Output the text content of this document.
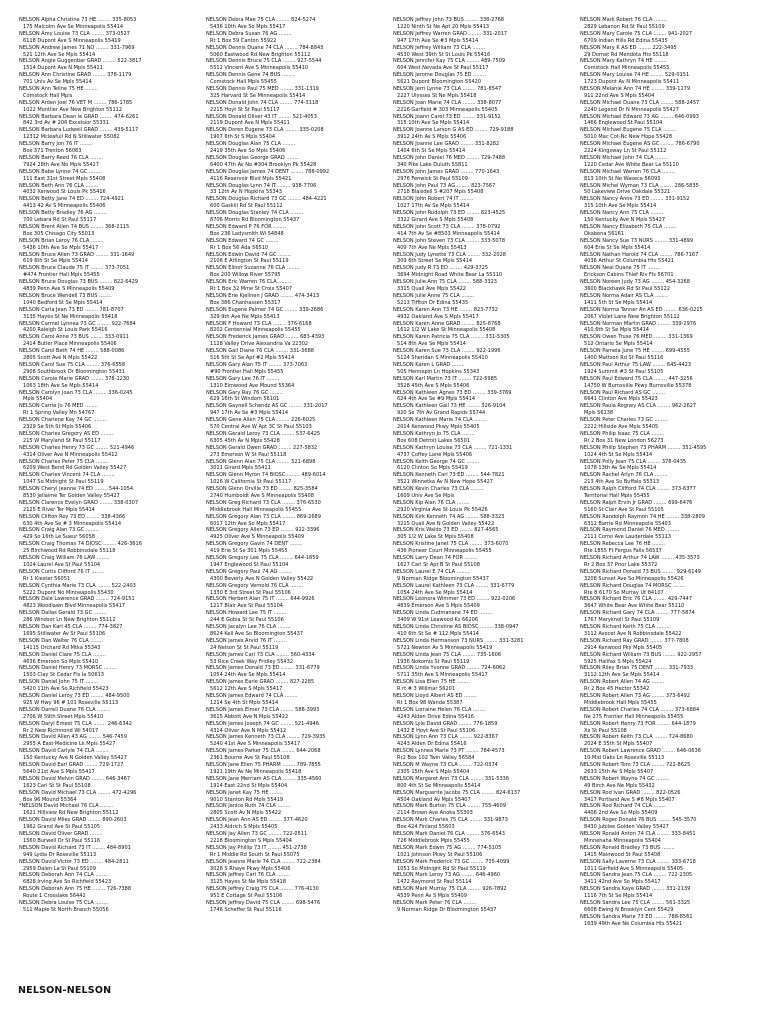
NELSON Alpha Christine 73 HE ........ 335-8053
175 Malcolm Ave Se Minneapolis 55414
NELSON Amy Louise 73 CLA ........ 373-0527
6118 Dupont Ave S Minneapolis 55419
NELSON Andrew James 71 NO ........ 331-7969
521 12th Ave Se Mpls 55414
NELSON Angie Guggenbar GRAD ........ 522-3817
1514 Dupont Ave N Mpls 55411
NELSON Ann Christine GRAD ........ 378-1179
701 Univ Av Se Mpls 55414
NELSON Ann Teline 75 HE ........
Comstock Hall Mpls
NELSON Arden Joel 76 VET M ........ 786-1785
1022 Montlier Ave New Brighton 55112
NELSON Barbara Dean le GRAD ........ 474-6261
842 3rd Av # 206 Excelsior 55331
NELSON Barbara Ludwell GRAD ........ 439-5117
12312 Mcleafull Rd N Stillwater 55082
NELSON Barry Jon 76 IT ........
Box 371 Trenton 56083
NELSON Barry Reed 76 CLA ........
7924 28th Ave No Mpls 55427
NELSON Babe Lynne 74 GC ........
111 East 31st Street Mpls 55408
NELSON Beth Ann 76 CLA ........
4032 Xerwood St Louis Pk 55416
NELSON Betty Jane 74 ED ........ 724-4921
4413 42 Av S Minneapolis 55406
NELSON Betty Bradley 76 AG ........
700 Lebara Rd St Paul 55117
NELSON Brent Allen 74 BUS ........ 368-2115
Box 305 Chisago City 55013
NELSON Brian Leroy 76 CLA ........
5436 10th Ave So Mpls 55417
NELSON Bruce Allen 73 GRAD ........ 331-1649
619 6th St Se Mpls 55414
NELSON Bruce Claude 75 IT ........ 373-7051
#474 Frontier Hall Mpls 55455
NELSON Bruce Douglas 73 BUS ........ 822-6429
4839 Penn Ave S Minneapolis 55409
NELSON Bruce Wendell 73 BUS ........
1040 Bedford St Se Mpls 55414
NELSON Carla Jean 73 ED ........ 781-8707
3135 Hayes St Ne Minneapolis 55418
NELSON Carmel Lynnea 73 GC ........ 922-7684
4200 Raleigh St Louis Park 55416
NELSON Carol Anne 73 BUS ........ 333-0911
2414 Butler Place Minneapolis 55406
NELSON Carol Beth 74 HE ........ 588-0086
2805 Scott Ave N Mpls 55422
NELSON Carol Sue 75 CLA ........ 376-6558
2908 Southbrook Dr Bloomington 55431
NELSON Carole Marie GRAD ........ 378-1230
1063 18th Ave Se Mpls 55414
NELSON Carolyn Joan 73 CLA ........ 336-0245
Mpls 55404
NELSON Carrie Jo 76 MED ........
Rt 1 Spring Valley Mn 54767
NELSON Charlene Kay 74 GC ........
2329 Se 5th St Mpls 55406
NELSON Charles Gregory AS ED ........
215 W Maryland St Paul 55117
NELSON Charles Henry 73 GC ........ 521-4946
4314 Oliver Ave N Minneapolis 55412
NELSON Charles Peter 75 CLA ........
6209 West Bend Rd Golden Valley 55427
NELSON Charles Vincent 74 CLA ........
1047 So Midnight St Paul 55119
NELSON Cheryl Jeanne 74 ED ........ 544-1054
8530 Jellaime Ter Golden Valley 55427
NELSON Clarence Evelyn GRAD ........ 338-0307
2125 E River Ter Mpls 55414
NELSON Clifton Roy 73 ED ........ 338-4366
630 4th Ave Se # 3 Minneapolis 55414
NELSON Craig Alan 73 GC ........
429 So 16th Le Sueur 56058
NELSON Craig Thomas 74 DIOSC ........ 426-3616
25 Birchwood Rd Robbinsdale 55118
NELSON Craig William 76 LAW ........
1024 Laurel Ave St Paul 55104
NELSON Curtis Clifford 76 IT ........
Rr 1 Kiester 56051
NELSON Cynthia Marie 73 CLA ........ 522-2403
5222 Dupont No Minneapolis 55430
NELSON Dale Lawrence GRAD ........ 724-9151
4823 Woodlawn Blvd Minneapolis 55417
NELSON Dallas Gerald 73 GC ........
286 Windsor Ln New Brighton 55112
NELSON Dan Karl 45 CLA ........ 774-3827
1695 Stillwater Av St Paul 55106
NELSON Dan Walter 76 CLA ........
14115 Orchard Rd Mtka 55343
NELSON Daniel Clare 75 CLA ........
4636 Emerson So Mpls 55410
NELSON Daniel Henry 73 MORSC ........
1503 Clay St Cedar Fls Ia 50613
NELSON Daniel John 75 IT ........
5420 11th Ave So Richfield 55423
NELSON Daniel Leroy 73 ED ........ 484-9500
925 W Hwy 96 # 101 Roseville 55113
NELSON Darrell Duane 76 CLA ........
2706 W 59th Street Mpls 55410
NELSON Daryl Ernest 75 CLA ........ 246-6342
Rr 2 New Richmond Wi 54017
NELSON David Allen 43 AG ........ 546-7459
2955 A East Medicine Lk Mpls 55427
NELSON David Carlyle 74 CLA ........
150 Kentucky Ave N Golden Valley 55427
NELSON David Earl GRAD ........ 729-1727
5640 21st Ave S Mpls 55417
NELSON David Melvin GRAD ........ 646-3467
1623 Carl St St Paul 55108
NELSON David Michael 73 CLA ........ 472-4296
Box 96 Mound 55364
*NELSON David Michael 76 CLA ........
1621 Hillview Rd New Brighton 55112
NELSON David Miles GRAD ........ 890-2603
1962 Grand Ave St Paul 55105
NELSON David Oliver GRAD ........
1560 Burwell Dr St Paul 55116
NELSON David Richard 73 IT ........ 484-8901
949 Lydia Dr Roseville 55113
NELSON David Victor 73 ED ........ 484-2811
2959 Dalen La St Paul 55109
NELSON Deborah Ann 74 CLA ........
6828 Irving Ave So Richfield 55423
NELSON Deborah Ann 75 HE ........ 726-7388
Route 1 Crosslake 56442
NELSON Debra Louise 75 CLA ........
511 Maple St North Branch 55056
NELSON Debra Mae 75 CLA ........ 824-5274
5436 10th Ave So Mpls 55417
NELSON Debra Susan 76 AG ........
Rt 1 Box 59 Canton 55922
NELSON Dennis Duane 74 CLA ........ 784-8843
5060 Eastwood Rd New Brighton 55112
NELSON Dennis Bruce 75 CLA ........ 927-5544
5512 Vincent Ave S Minneapolis 55410
NELSON Dennis Gene 74 BUS ........
Comstock Hall Mpls 55455
NELSON Dennis Paul 75 MED ........ 331-1319
325 Harvard St Se Minneapolis 55414
NELSON Donald John 74 CLA ........ 774-3118
2215 Hoyt St St Paul 55117
NELSON Donald Oliver 43 IT ........ 521-4053
2119 Dupont Ave N Mpls 55411
NELSON Doren Eugene 73 CLA ........ 335-0208
1907 6th St S Mpls 55404
NELSON Douglas Alan 75 CLA ........
2419 35th Ave So Mpls 55406
NELSON Douglas George GRAD ........
6400 47th Av No #304 Brooklyn Pk 55428
NELSON Douglas James 74 DENT ........ 788-0992
4116 Reservoir Blvd Mpls 55421
NELSON Douglas Lynn 74 IT ........ 938-7706
33 12th Av N Hopkins 55343
NELSON Douglas Richard 73 GC ........ 484-4221
600 Gaskill Rd St Paul 55112
NELSON Douglas Stanley 74 CLA ........
8706 Morris Rd Bloomington 55437
NELSON Edward P 76 FOR ........
Box 236 Ladysmith Wi 54848
NELSON Edward 74 GC ........
Rr 1 Box 56 Ada 56510
NELSON Edwin David 74 GC ........
2106 E Arlington St Paul 55119
NELSON Elinor Suzanne 76 CLA ........
Box 200 Willow River 55795
NELSON Eric Warren 76 CLA ........
Rt 1 Box 32 Mme St Croix 55407
NELSON Erie Kjellnen J GRAD ........ 474-3413
Box 386 Chanhassen 55317
NELSON Eugene Palmer 74 GC ........ 339-2686
329 9th Ave Ne Mpls 55413
NELSON F Howard 73 CLA ........ 376-6168
8202 Centennial Minneapolis 55455
NELSON Frederick James GRAD ........ 683-4393
1128 Valley Drive Alexandria Va 22302
NELSON Gail Diane 76 CLA ........ 331-3688
516 5th St Se Apt #2 Mpls 55414
NELSON Gary Alan 75 IT ........ 373-7063
#90 Frontier Hall Mpls 55455
NELSON Gary Lee 76 IT ........
1310 Elmwood Ave Mound 55364
NELSON Gary Ray 76 GC ........
629 16th St Windom 56101
NELSON Gaynell Schendz AS GC ........ 331-2017
947 17th Av Se #3 Mpls 55414
NELSON Gene Allen 75 CLA ........ 226-6025
570 Central Ave W Apt 3C St Paul 55103
NELSON Gerald Leroy 73 CLA ........ 537-6425
6305 45th Av N Mpls 55428
NELSON Gerald Owen GRAD ........ 227-5832
273 Emerson W St Paul 55118
NELSON Glenn Alan 75 CLA ........ 521-6898
3011 Girard Mpls 55411
NELSON Glenn Myron 74 BIOSC ........ 489-6014
1026 W California St Paul 55117
NELSON Glenn Orville 73 ED ........ 825-3584
2740 Humboldt Ave S Minneapolis 55408
NELSON Greg Richard 73 CLA ........ 376-6530
Middlebrook Hall Minneapolis 55455
NELSON Gregory Alan 73 CLA ........ 869-2689
6017 12th Ave So Mpls 55417
NELSON Gregory Allen 73 ED ........ 922-3396
4925 Oliver Ave S Minneapolis 55409
NELSON Gregory Gavin 74 DENT ........
419 Erie St Se 301 Mpls 55455
NELSON Gregory Lee 75 CLA ........ 644-1659
1947 Englewood St Paul 55104
NELSON Gregory Paul 74 AG ........
4300 Beverly Ave N Golden Valley 55422
NELSON Gregory Vernold 76 CLA ........
1330 E 3rd Street St Paul 55106
NELSON Herbert Alan 75 IT ........ 644-9926
1217 Blair Ave St Paul 55104
NELSON Howard Lee 75 IT ........
244 E Gobia St St Paul 55106
NELSON Jacalyn Lee 76 CLA ........
8624 Kell Ave So Bloomington 55437
NELSON James Arvid 76 IT ........
24 Nelson St St Paul 55119
NELSON James Carl 73 CLA ........ 560-4334
53 Rice Creek Way Fridley 55432
NELSON James Donald 73 ED ........ 331-6779
1054 24th Ave Se Mpls 55414
NELSON James Earle GRAD ........ 827-2285
5612 12th Ave S Mpls 55417
NELSON James Edward 74 CLA ........
1214 Se 4th St Mpls 55414
NELSON James Elmer 73 CLA ........ 588-3993
3615 Abbott Ave N Mpls 55422
NELSON James Joseph 74 GC ........ 521-4946
4314 Oliver Ave N Mpls 55412
NELSON James Kenneth 73 CLA ........ 729-3935
5240 41st Ave S Minneapolis 55417
NELSON James Parker 75 CLA ........ 644-2068
2361 Bourne Ave St Paul 55108
NELSON Jane Ellen 75 PHARM ........ 789-7855
1921 19th Av Ne Minneapolis 55418
NELSON Jane Merriam AS CLA ........ 335-4560
1914 East 22nd St Mpls 55404
NELSON Janet Kay 75 HE ........
9010 Stanton Rd Mpls 55419
NELSON Janice Ruth 74 CLA ........
2805 Scott Av N Mpls 55422
NELSON Jean Ann AS ED ........ 377-4620
2433 Aldrich S Mpls 55405
NELSON Jay Allen 73 GC ........ 722-0511
2218 Bloomington S Mpls 55404
NELSON Jay Phillip 73 IT ........ 451-2738
Rr 1 Middle Rd South St Paul 55075
NELSON Jeanne Marie 74 CLA ........ 722-2384
3028 S Rhaye Pkwy Mpls 55406
NELSON Jeffrey Carl 76 CLA ........
3125 Hayes St Ne Mpls 55418
NELSON Jeffrey Craig 75 CLA ........ 776-4130
951 E Cottage St Paul 55106
NELSON Jeffrey David 75 CLA ........ 698-5476
1746 Scheffer St Paul 55116
NELSON Jeffrey John 73 BUS ........ 338-2768
1220 Ninth St Ne Apt 20 Mpls 55413
NELSON Jeffrey Warren GRAD ........ 331-2017
947 17th Ave Se #3 Mpls 55414
NELSON Jeffrey William 73 CLA ........
4530 West 39th St St Louis Pk 55416
NELSON Jennifer Kay 75 CLA ........ 489-7509
604 West Nevada Ave St Paul 55117
NELSON Jerome Douglas 75 ED ........
5621 Dupont Bloomington 55420
NELSON Jerri Lynne 73 CLA ........ 781-8547
2227 Ulysses St Ne Mpls 55418
NELSON Joan Marie 74 CLA ........ 338-8077
2216 Garfield # 303 Minneapolis 55405
NELSON Joann Carol 73 ED ........ 331-9152
315 10th Ave Se Mpls 55414
NELSON Joanne Larson G AS ED ........ 729-9188
3912 24th Av S Mpls 55406
NELSON Joanne Lee GRAD ........ 331-8282
1404 6th St Se Mpls 55414
NELSON John Daniel 76 MED ........ 729-7488
340 Pike Lake Duluth 55811
NELSON John James GRAD ........ 770-1643
2976 Fenwick St Paul 55109
NELSON John Paul 73 AG ........ 823-7567
2718 Blaisdell S #207 Mpls 55408
NELSON John Robert 74 IT ........
1027 17th Av Se Mpls 55414
NELSON John Rudolph 73 ED ........ 823-4525
3322 Girard Ave S Mpls 55408
NELSON John Scott 73 CLA ........ 378-0792
414 7th Av Se #8503 Minneapolis 55414
NELSON John Steven 73 CLA ........ 333-5078
409 7th Ave Ne Mpls 55413
NELSON Judy Lynette 73 CLA ........ 332-2028
309 6th Street Se Mpls 55414
NELSON Judy R 73 ED ........ 429-3725
3694 Midnight Road White Bear La 55110
NELSON Julie Ann 75 CLA ........ 588-3323
3315 Quail Ave Mpls 55422
NELSON Julie Anne 75 CLA ........
5213 Tiffton Dr Edina 55435
NELSON Karen Ann 73 HE ........ 823-7732
4932 Oakland Ave S Mpls 55417
NELSON Karen Anne GRAD ........ 825-8768
1612 1/2 W Lake St Minneapolis 55408
NELSON Karen Patricia 75 CLA ........ 331-5305
514 8th Ave Se Mpls 55414
NELSON Karen Sue 73 CLA ........ 922-1996
5124 Sheridan S Minneapolis 55410
NELSON Karen L GRAD ........
505 Hennepin Ln Hopkins 55343
NELSON Karl Martin 73 IT ........ 722-5985
3528 45th Ave S Mpls 55406
NELSON Kathleen Agnes 73 ED ........ 339-3769
624 4th Ave Se #9 Mpls 55414
NELSON Kathleen Gail 73 HE ........ 326-9104
920 Se 7th Av Grand Rapids 55744
NELSON Kathleen Marie 74 CLA ........
2014 Kenwood Pkwy Mpls 55405
NELSON Kathryn Jo 75 CLA ........
Box 608 Detroit Lakes 56501
NELSON Kathryn Louise 73 CLA ........ 721-1331
4737 Coffey Lane Mpls 55406
NELSON Keith George 74 GC ........
6120 Clinton So Mpls 55419
NELSON Kenneth Carl 73 ED ........ 544-7821
3521 Winnetka Av N New Hope 55427
NELSON Kevin Charles 73 CLA ........
1609 Univ Ave Se Mpls
NELSON Kip Alan 76 CLA ........
2920 Virginia Ave St Louis Pk 55426
NELSON Kirk Kenneth 74 AG ........ 588-3323
3215 Quail Ave N Golden Valley 55422
NELSON Kris Waldo 73 ED ........ 827-4565
305 1/2 W Lake St Mpls 55408
NELSON Kristine Janet 75 CLA ........ 373-6070
436 Pioneer Court Minneapolis 55455
NELSON Larry Dean 74 FOR ........
1627 Carl St Apt B St Paul 55108
NELSON Laurel E 74 CLA ........
9 Norman Ridge Bloomington 55437
NELSON Laurel Kathleen 73 CLA ........ 331-6779
1054 24th Ave Se Mpls 55414
NELSON Leonora Wimmer 73 ED ........ 922-0206
4839 Emerson Ave S Mpls 55409
NELSON Linda Cudmanane 74 ED ........
3409 W 91st Leawood Ks 66206
NELSON Linda Christine AS BIOSC ........ 338-0947
410 6th St Se # 112 Mpls 55414
NELSON Linda Hermanson 73 NURS ........ 331-3281
5721 Newton Av S Minneapolis 55419
NELSON Linda Jean 75 CLA ........ 735-1606
1936 Nokomis St Paul 55119
NELSON Linda Yvonne GRAD ........ 724-6062
5711 35th Ave S Minneapolis 55417
NELSON Lisa Ellen 75 HE ........
R rt # 3 Willmar 56201
NELSON Lloyd Albert AS ED ........
Rt 1 Box 98 Wanda 55387
NELSON Lorraine Helen 76 CLA ........
4243 Alden Drive Edina 55416
NELSON Lyle David GRAD ........ 776-1859
1432 E Hoyt Ave St Paul 55106
NELSON Lynn Ann 73 CLA ........ 922-8367
4243 Alden Dr Edina 55416
NELSON Lynnea Marie 73 PT ........ 784-4573
Rr2 Box 102 Twin Valley 56584
NELSON M Wayne 73 CLA ........ 722-0374
2305 15th Ave S Mpls 55404
NELSON Margaret Ann 73 CLA ........ 331-5336
800 4th St Se Minneapolis 55414
NELSON Marguerite Jacobs 75 CLA ........ 824-6137
4504 Oakland Av Mpls 55407
NELSON Mark Burton 75 CLA ........ 755-4609
2114 Brown Ave Anoka 55303
NELSON Mark Charles 75 CLA ........ 331-9873
Box 424 Finland 55603
NELSON Mark Daniel 76 CLA ........ 376-6543
726 Middlebrook Mpls 55455
NELSON Mark Edwin 75 AG ........ 774-5105
1021 Johnson Pkwy St Paul 55106
NELSON Mark Frederick 73 GC ........ 735-4099
1051 So Midnight Rd St Paul 55119
NELSON Mark Leroy 73 AG ........ 646-4960
1472 Raymond St Paul 55114
NELSON Mark Murray 75 CLA ........ 926-7892
4539 Penn Av S Mpls 55409
NELSON Mark Peter 76 CLA ........
9 Norman Ridge Dr Bloomington 55437
NELSON Mark Robert 76 CLA ........
2829 Lebanon Rd St Paul 55109
NELSON Mary Carole 75 CLA ........ 941-2027
6709 Indian Hills Rd Edina 55435
NELSON Mary K AS ED ........ 222-3495
29 Dornet Rd Mendota Hts 55118
NELSON Mary Kathryn 74 HE ........
Comstock Hall Minneapolis 55455
NELSON Mary Louise 74 HE ........ 529-0151
1723 Dupont Av N Minneapolis 55411
NELSON Melanie Ann 74 HE ........ 339-1279
911 22nd Ave S Mpls 55404
NELSON Michael Duane 73 CLA ........ 588-2457
2240 Legend Dr N Minneapolis 55427
NELSON Michael Edward 73 AG ........ 646-0993
1466 Englewood St Paul 55104
NELSON Michael Eugene 75 CLA ........
5010 Mac Cot-Nc New Hope 55428
NELSON Michael Eugene AS GC ........ 786-6790
2224 Kingsway Ln St Paul 55112
NELSON Michael John 74 CLA ........
1220 Cedar Ave White Bear La 55110
NELSON Michael Warren 76 CLA ........
813 10th St Ne Waseca 56093
NELSON Michel Wyman 73 CLA ........ 286-5835
50 Lakeview Drive Oakdale 55321
NELSON Nancy Anne 73 ED ........ 331-9152
315 10th Ave Se Mpls 55414
NELSON Nancy Ann 75 CLA ........
150 Kentucky Ave N Mpls 55427
NELSON Nancy Elizabeth 75 CLA ........
Okabena 56161
NELSON Nancy Sue 73 NURS ........ 331-4899
604 Erie St Se Mpls 55414
NELSON Nathan Harold 74 CLA ........ 786-7167
4036 Arthur St Columbia Hts 55421
NELSON Neal Duane 75 IT ........
Erickson Cabins Thief Riv Fls 56701
NELSON Noreen Judy 73 AG ........ 454-3268
3600 Blackhawk Rd St Paul 55122
NELSON Norma Adair AS CLA ........
1411 5th St Se Mpls 55414
NELSON Norma Tanner An AS ED ........ 636-0215
2067 Violet Lane New Brighton 55112
NELSON Norman Martin GRAD ........ 339-2976
410 6th St Se Mpls 55414
NELSON Owen Truse 76 MED ........ 331-1369
512 Ontario Se Mpls 55414
NELSON Pamela June 75 HE ........ 699-4555
1400 Mattson Rd St Paul 55116
NELSON Paul Arthur 75 LAW ........ 645-4423
1924 Summit #3 St Paul 55105
NELSON Paul Edward 75 CLA ........ 447-3256
14750 W Burnsville Pkwy Burnsville 55378
NELSON Paul Richard AS GC ........
6641 Clinton Ave Mpls 55423
NELSON Paula Rogney AS CLA ........ 962-2627
Mpls 56138
NELSON Peter Charles 73 GC ........
2222 Hillside Ave Mpls 55405
NELSON Philip Isaac 75 CLA ........
Rr 2 Box 31 New London 56273
NELSON Philip Stephen 73 PHARM ........ 331-4595
1024 4th St Se Mpls 55414
NELSON Polly Jean 75 CLA ........ 378-0435
1078 13th Av Se Mpls 55414
NELSON Rachel Arlyn 76 CLA ........
213 4th Ave So Buffalo 55313
NELSON Ralph Clifford 74 CLA ........ 373-6377
Territorial Hall Mpls 55455
NELSON Ralph Ervin Jr GRAD ........ 699-6476
5160 St Clair Ave St Paul 55105
NELSON Randolph Raymon 74 HE ........ 338-2809
6312 Barrie Rd Minneapolis 55403
NELSON Raymond Daniel 76 MED ........
2111 Como Ave Lauderdale 55113
NELSON Rebecca Lee 76 HE ........
Rte 1855 Ft Fergus Falls 56537
NELSON Richard Arthur 74 LAW ........ 435-3573
Rr 2 Box 37 Prior Lake 55372
NELSON Richard Donald 73 BUS ........ 929-6149
3208 Sunset Ave So Minneapolis 55426
NELSON Richard Douglas 74 MORSC ........
Rte 8 6170 So Murray Ut 84107
NELSON Richard Eric 76 CLA ........ 429-7447
3647 White Bear Ave White Bear 55110
NELSON Richard Gary 74 CLA ........ 777-5874
1767 Maryknoll St Paul 55109
NELSON Richard Keith 75 CLA ........
3112 Avocet Ave N Robbinsdale 55422
NELSON Richard Ray GRAD ........ 377-7808
2914 Kenwood Pky Mpls 55405
NELSON Richard William 73 BUS ........ 922-2957
5925 Halifax S Mpls 55424
NELSON Riley Brian 75 DENT ........ 331-7933
3112 12th Ave Se Mpls 55414
NELSON Robert Allen 74 AG ........
Rr 2 Box 45 Hector 55342
NELSON Robert Allen 73 AG ........ 373-6492
Middlebrook Hall Mpls 55455
NELSON Robert Charles 74 CLA ........ 373-6884
Ne 275 Frontier Hall Minneapolis 55455
NELSON Robert Henry 73 FOR ........ 644-1879
Xx St Paul 55108
NELSON Robert Keith 73 CLA ........ 724-8680
2024 E 35th St Mpls 55407
NELSON Robert Lawrence GRAD ........ 646-0636
10 Mid Oaks Ln Roseville 55113
NELSON Robert Tom 73 CLA ........ 722-8625
2633 15th Av S Mpls 55407
NELSON Robert Wayne 74 GC ........
49 Birch Ave Ne Mpls 55432
NELSON Rod Ivan GRAD ........ 822-0526
3417 Portland Ave S #8 Mpls 55407
NELSON Rod Richard 74 CLA ........
4406 2nd Ave So Mpls 55409
NELSON Roger Donald 76 BUS ........ 545-3570
8430 Jubilee Golden Valley 55427
NELSON Ronald Anton 74 CLA ........ 333-8451
Minnehaha Minneapolis 55404
NELSON Ronald Bradley 73 BUS ........
1415 Mainwood St Paul 55408
NELSON Sally Laverne 73 CLA ........ 333-6718
1011 Garfield Ave S Minneapolis 55405
NELSON Sandra Jean 75 CLA ........ 722-2305
3411 42nd Ave So Mpls 55417
NELSON Sandra Kaye GRAD ........ 331-2139
1116 7th St Se Mpls 55414
NELSON Sandra Lee 75 CLA ........ 561-3325
6608 Ewing N Brooklyn Cent 55429
NELSON Sandra Marie 73 ED ........ 788-8561
1639 49th Ave Ne Columbia Hts 55421
NELSON-NELSON
